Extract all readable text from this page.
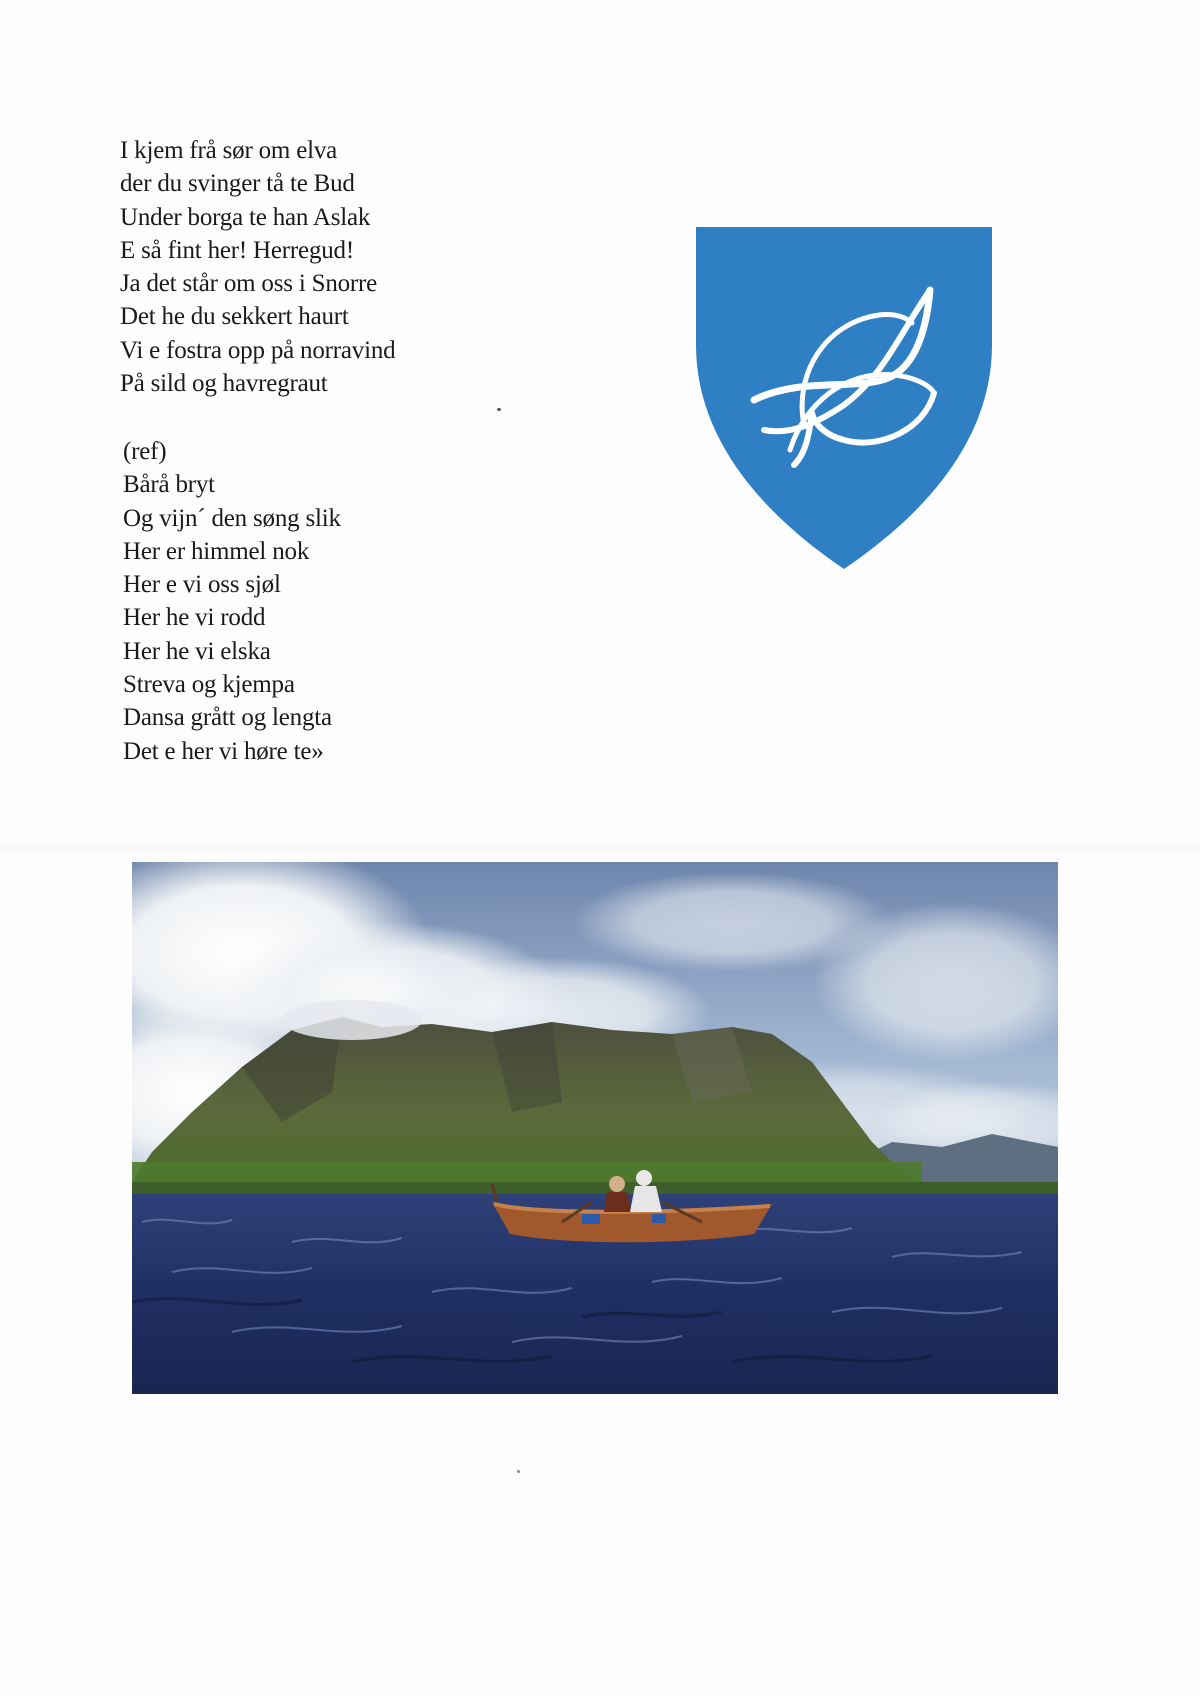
I kjem frå sør om elva
der du svinger tå te Bud
Under borga te han Aslak
E så fint her! Herregud!
Ja det står om oss i Snorre
Det he du sekkert haurt
Vi e fostra opp på norravind
På sild og havregraut
(ref)
Bårå bryt
Og vijn´ den søng slik
Her er himmel nok
Her e vi oss sjøl
Her he vi rodd
Her he vi elska
Streva og kjempa
Dansa grått og lengta
Det e her vi høre te»
